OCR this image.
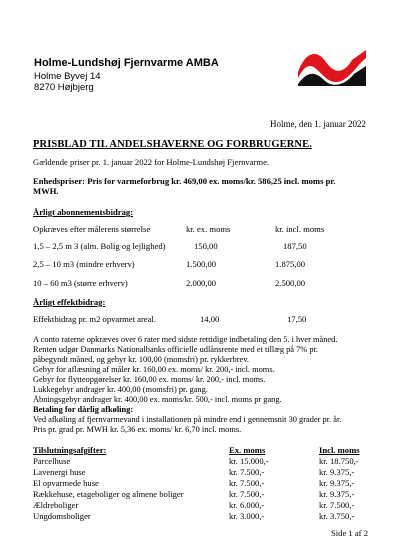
Holme-Lundshøj Fjernvarme AMBA
Holme Byvej 14
8270 Højbjerg
Holme, den 1. januar 2022
PRISBLAD TIL ANDELSHAVERNE OG FORBRUGERNE.
Gældende priser pr. 1. januar 2022 for Holme-Lundshøj Fjernvarme.
Enhedspriser: Pris for varmeforbrug kr. 469,00 ex. moms/kr. 586,25 incl. moms pr. MWH.
Årligt abonnementsbidrag:
Opkræves efter målerens størrelse	kr. ex. moms	kr. incl. moms
1,5 – 2,5 m 3 (alm. Bolig og lejlighed)	150,00	187,50
2,5 – 10 m3 (mindre erhverv)	1.500,00	1.875,00
10 – 60 m3 (større erhverv)	2.000,00	2.500,00
Årligt effektbidrag:
Effektbidrag pr. m2 opvarmet areal.	14,00	17,50
A conto raterne opkræves over 6 rater med sidste rettidige indbetaling den 5. i hver måned.
Renten udgør Danmarks Nationalbanks officielle udlånsrente med et tillæg på 7% pr.
påbegyndt måned, og gebyr kr. 100,00 (momsfri) pr. rykkerbrev.
Gebyr for aflæsning af måler kr. 160,00 ex. moms/ kr. 200,- incl. moms.
Gebyr for flytteopgørelser kr. 160,00 ex. moms/ kr. 200,- incl. moms.
Lukkegebyr andrager kr. 400,00 (momsfri) pr. gang.
Åbningsgebyr andrager kr. 400,00 ex. moms/kr. 500,- incl. moms pr gang.
Betaling for dårlig afkøling:
Ved afkøling af fjernvarmevand i installationen på mindre end i gennemsnit 30 grader pr. år.
Pris pr. grad pr. MWH kr. 5,36 ex. moms/ kr. 6,70 incl. moms.
Tilslutningsafgifter:	Ex. moms	Incl. moms
Parcelhuse	kr. 15.000,-	kr. 18.750,-
Lavenergi huse	kr. 7.500,-	kr. 9.375,-
El opvarmede huse	kr. 7.500,-	kr. 9.375,-
Rækkehuse, etageboliger og almene boliger	kr. 7.500,-	kr. 9.375,-
Ældreboliger	kr. 6.000,-	kr. 7.500,-
Ungdomsboliger	kr. 3.000,-	kr. 3.750,-
Side 1 af 2
